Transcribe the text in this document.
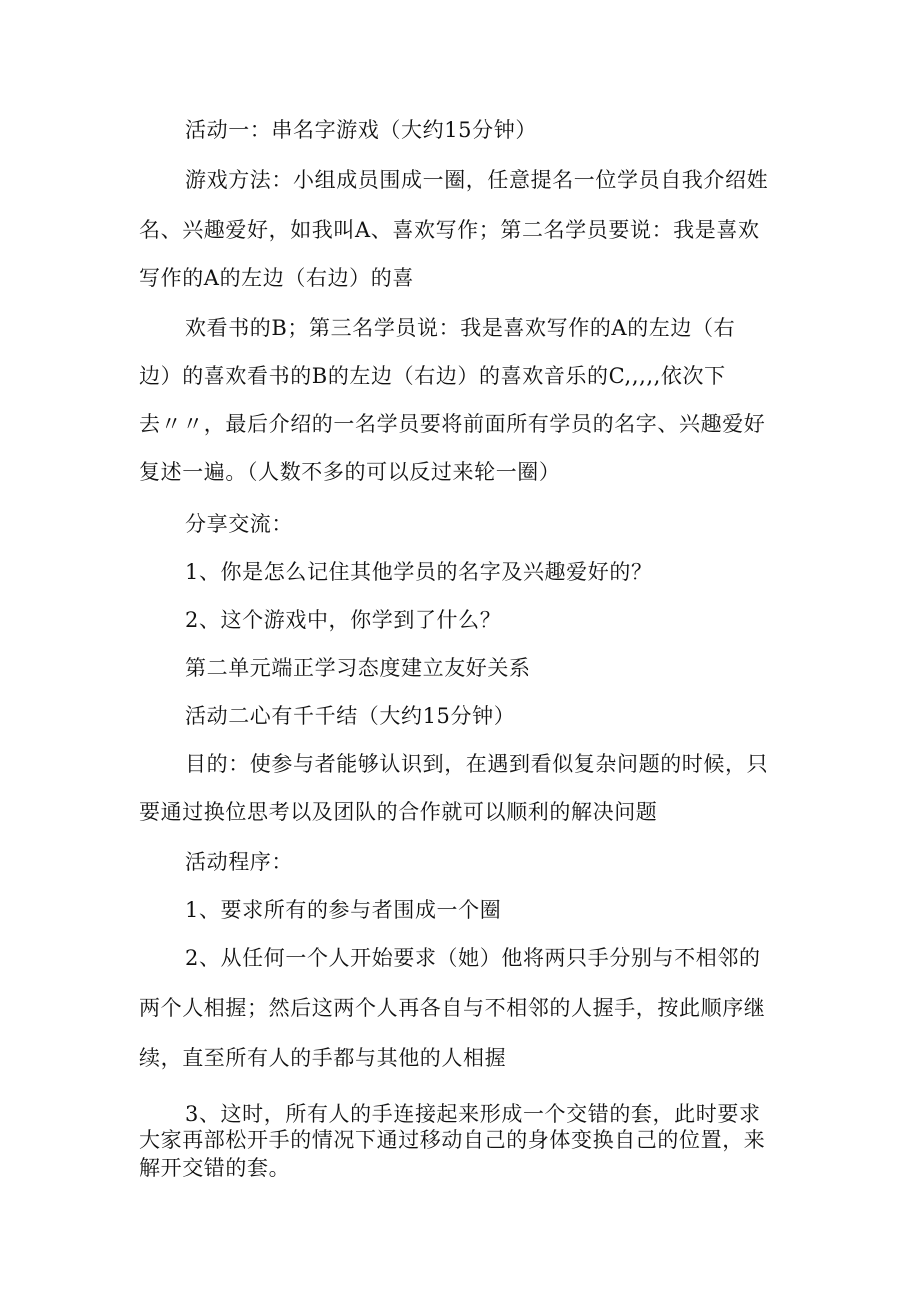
活动一：串名字游戏（大约15分钟）

游戏方法：小组成员围成一圈，任意提名一位学员自我介绍姓

名、兴趣爱好，如我叫A、喜欢写作；第二名学员要说：我是喜欢

写作的A的左边（右边）的喜

欢看书的B；第三名学员说：我是喜欢写作的A的左边（右

边）的喜欢看书的B的左边（右边）的喜欢音乐的C,,,,,依次下

去〃〃，最后介绍的一名学员要将前面所有学员的名字、兴趣爱好

复述一遍。（人数不多的可以反过来轮一圈）

分享交流：

1、你是怎么记住其他学员的名字及兴趣爱好的？

2、这个游戏中，你学到了什么？

第二单元端正学习态度建立友好关系

活动二心有千千结（大约15分钟）

目的：使参与者能够认识到，在遇到看似复杂问题的时候，只

要通过换位思考以及团队的合作就可以顺利的解决问题

活动程序：

1、要求所有的参与者围成一个圈

2、从任何一个人开始要求（她）他将两只手分别与不相邻的

两个人相握；然后这两个人再各自与不相邻的人握手，按此顺序继

续，直至所有人的手都与其他的人相握

3、这时，所有人的手连接起来形成一个交错的套，此时要求

大家再部松开手的情况下通过移动自己的身体变换自己的位置，来

解开交错的套。
